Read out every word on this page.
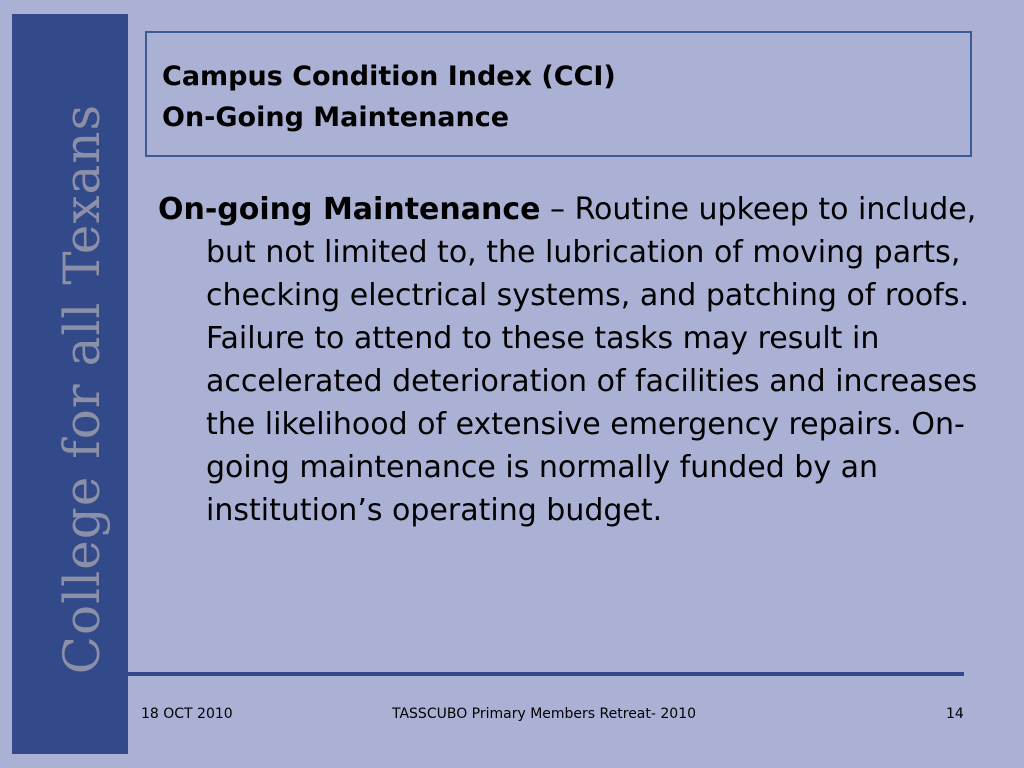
College for all Texans
Campus Condition Index (CCI)
On-Going Maintenance
On-going Maintenance – Routine upkeep to include, but not limited to, the lubrication of moving parts, checking electrical systems, and patching of roofs. Failure to attend to these tasks may result in accelerated deterioration of facilities and increases the likelihood of extensive emergency repairs. On-going maintenance is normally funded by an institution’s operating budget.
18 OCT 2010	TASSCUBO Primary Members Retreat- 2010	14
